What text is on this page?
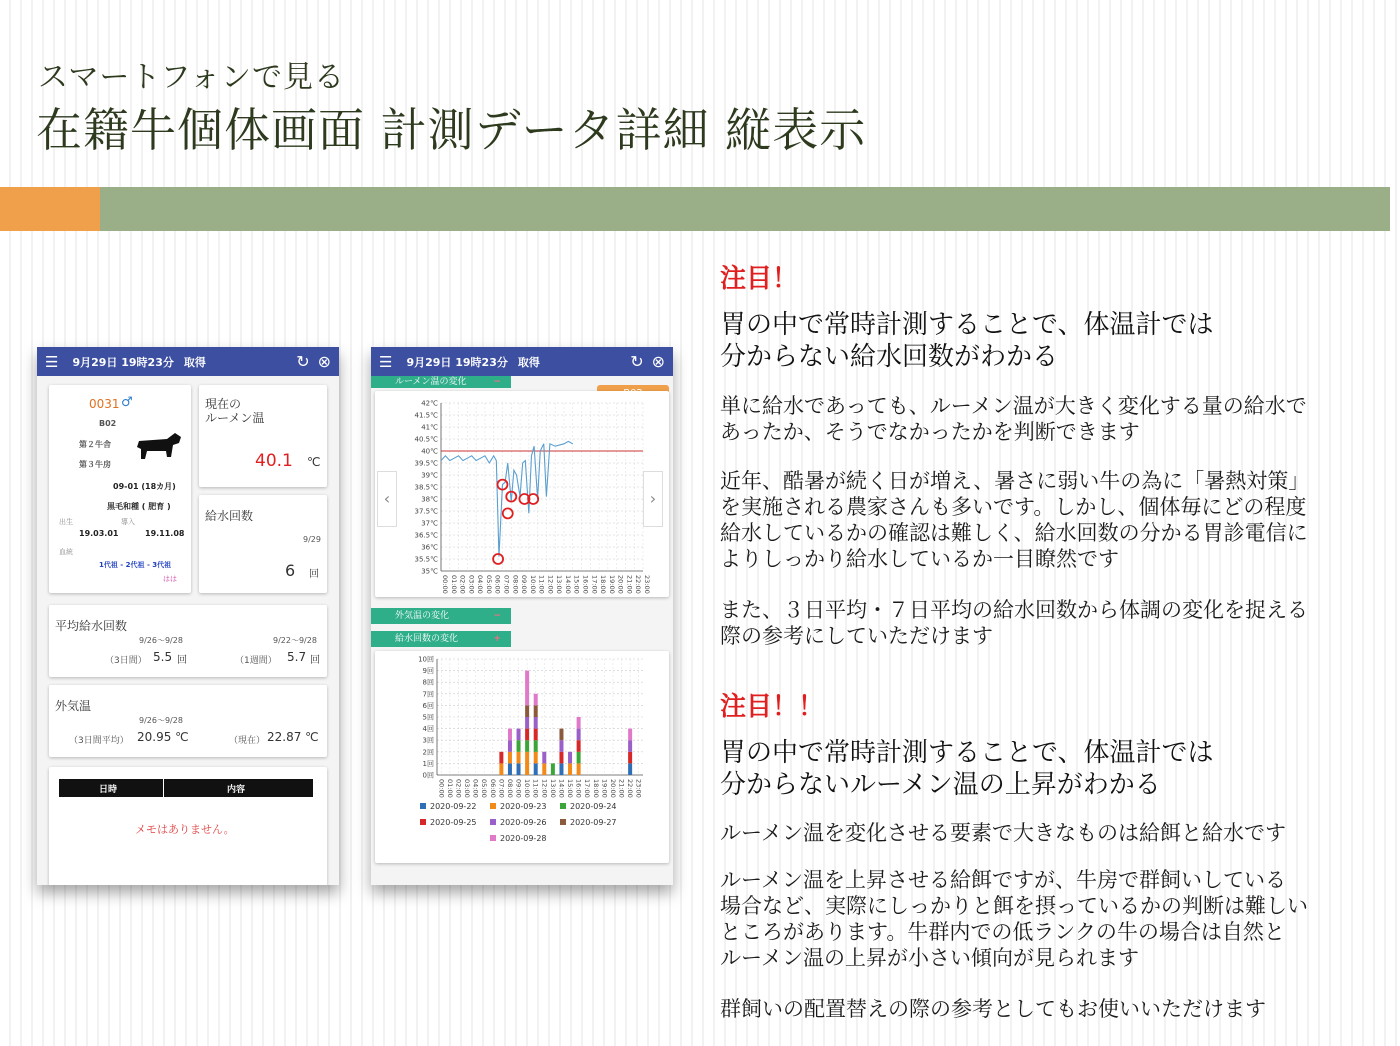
スマートフォンで見る
在籍牛個体画面 計測データ詳細 縦表示
☰ 9月29日 19時23分 取得	↻ ⊗
0031 ♂
B02
第２牛舎
第３牛房
09-01 (18カ月)
黒毛和種 ( 肥育 )
出生	導入
19.03.01	19.11.08
血統
1代祖 - 2代祖 - 3代祖
はは
現在の
ルーメン温
40.1 ℃
給水回数
9/29
6 回
平均給水回数
9/26〜9/28	9/22〜9/28
（3日間） 5.5 回	（1週間） 5.7 回
外気温
9/26〜9/28
（3日間平均） 20.95 ℃	（現在） 22.87 ℃
日時	内容
メモはありません。
☰ 9月29日 19時23分 取得	↻ ⊗
ルーメン温の変化	−
42℃
41.5℃
41℃
40.5℃
40℃
39.5℃
39℃
38.5℃
38℃
37.5℃
37℃
36.5℃
36℃
35.5℃
35℃
00:00 01:00 02:00 03:00 04:00 05:00 06:00 07:00 08:00 09:00 10:00 11:00 12:00 13:00 14:00 15:00 16:00 17:00 18:00 19:00 20:00 21:00 22:00 23:00
‹	›
外気温の変化	−
給水回数の変化	+
10回
9回
8回
7回
6回
5回
4回
3回
2回
1回
0回
00:00 01:00 02:00 03:00 04:00 05:00 06:00 07:00 08:00 09:00 10:00 11:00 12:00 13:00 14:00 15:00 16:00 17:00 18:00 19:00 20:00 21:00 22:00 23:00
2020-09-22	2020-09-23	2020-09-24
2020-09-25	2020-09-26	2020-09-27
2020-09-28
注目！
胃の中で常時計測することで、体温計では
分からない給水回数がわかる
単に給水であっても、ルーメン温が大きく変化する量の給水で
あったか、そうでなかったかを判断できます
近年、酷暑が続く日が増え、暑さに弱い牛の為に「暑熱対策」
を実施される農家さんも多いです。しかし、個体毎にどの程度
給水しているかの確認は難しく、給水回数の分かる胃診電信に
よりしっかり給水しているか一目瞭然です
また、３日平均・７日平均の給水回数から体調の変化を捉える
際の参考にしていただけます
注目！！
胃の中で常時計測することで、体温計では
分からないルーメン温の上昇がわかる
ルーメン温を変化させる要素で大きなものは給餌と給水です
ルーメン温を上昇させる給餌ですが、牛房で群飼いしている
場合など、実際にしっかりと餌を摂っているかの判断は難しい
ところがあります。牛群内での低ランクの牛の場合は自然と
ルーメン温の上昇が小さい傾向が見られます
群飼いの配置替えの際の参考としてもお使いいただけます
